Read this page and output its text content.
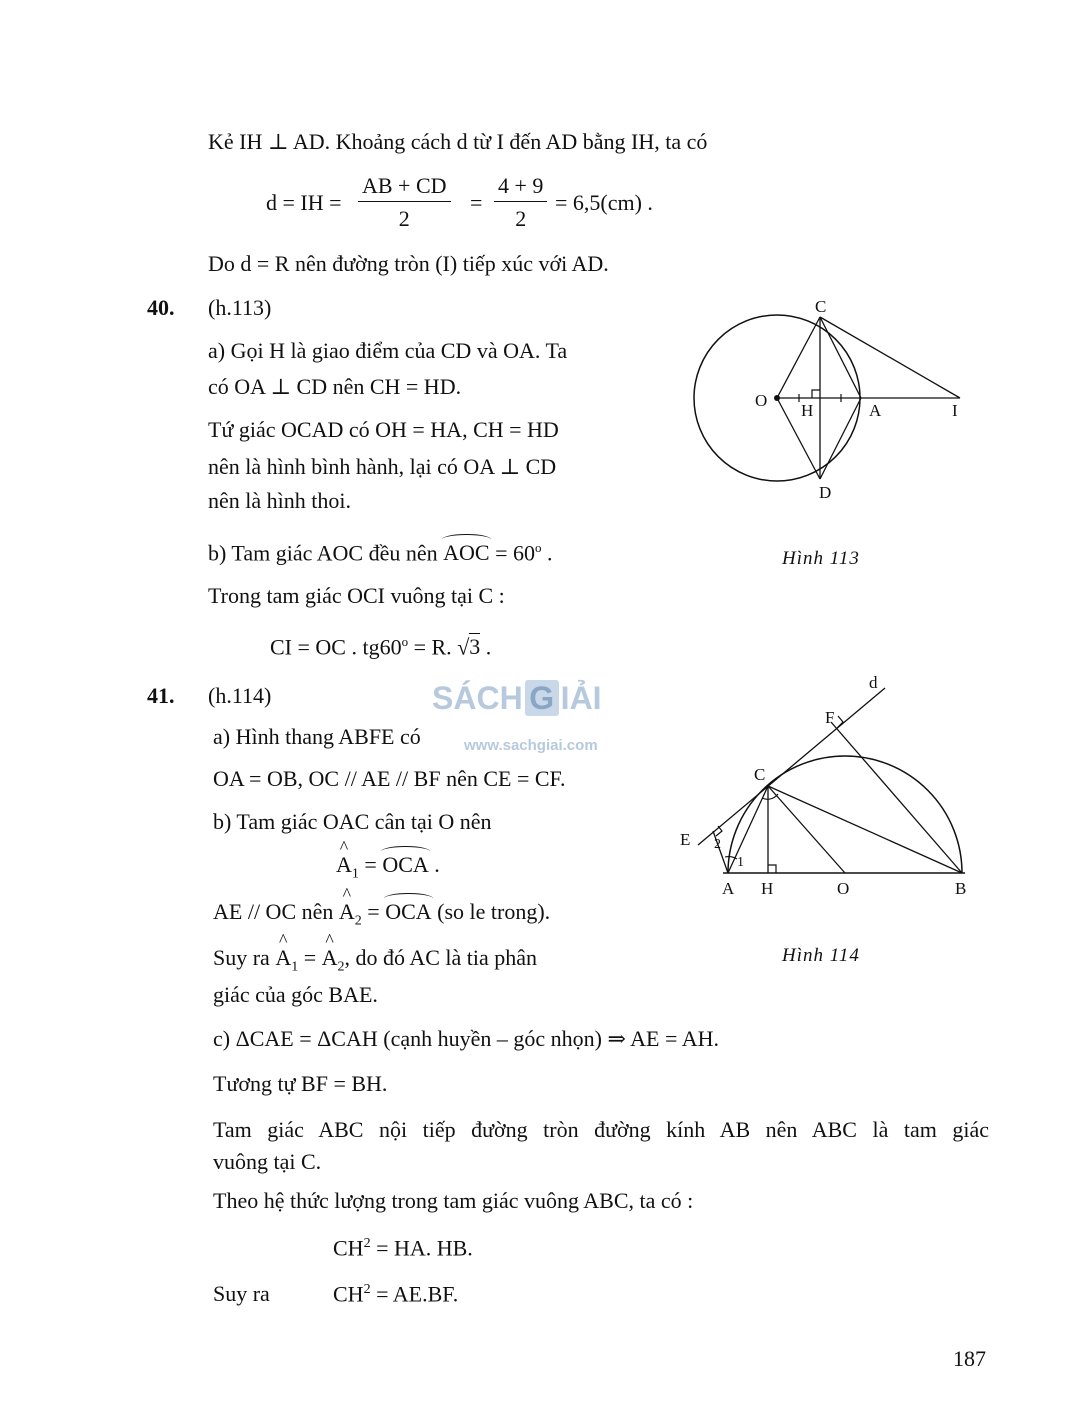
Kẻ IH ⊥ AD. Khoảng cách d từ I đến AD bằng IH, ta có
d = IH = $\frac{AB + CD}{2} = \frac{4 + 9}{2} = 6,5(cm)$ .
Do d = R nên đường tròn (I) tiếp xúc với AD.
40. (h.113)
a) Gọi H là giao điểm của CD và OA. Ta
có OA ⊥ CD nên CH = HD.
Tứ giác OCAD có OH = HA, CH = HD
nên là hình bình hành, lại có OA ⊥ CD
nên là hình thoi.
b) Tam giác AOC đều nên AOC = $60^o$ .
Trong tam giác OCI vuông tại C :
CI = OC . $tg60^o = R$. √3 .
C
O
H	A	I
D
Hình 113
SÁCH G IẢI
www.sachgiai.com
41. (h.114)
a) Hình thang ABFE có
OA = OB, OC // AE // BF nên CE = CF.
b) Tam giác OAC cân tại O nên
^ $A_1$ = OCA .
AE // OC nên ^ $A_2$ = OCA (so le trong).
Suy ra ^ $A_1$ = ^ $A_2$, do đó AC là tia phân
giác của góc BAE.
c) ΔCAE = ΔCAH (cạnh huyền – góc nhọn) ⇒ AE = AH.
Tương tự BF = BH.
Tam giác ABC nội tiếp đường tròn đường kính AB nên ABC là tam giác
vuông tại C.
Theo hệ thức lượng trong tam giác vuông ABC, ta có :
$CH^2$ = HA. HB.
Suy ra	$CH^2 = AE.BF$.
d
F
C
E 2
1
A H	O	B
Hình 114
187
